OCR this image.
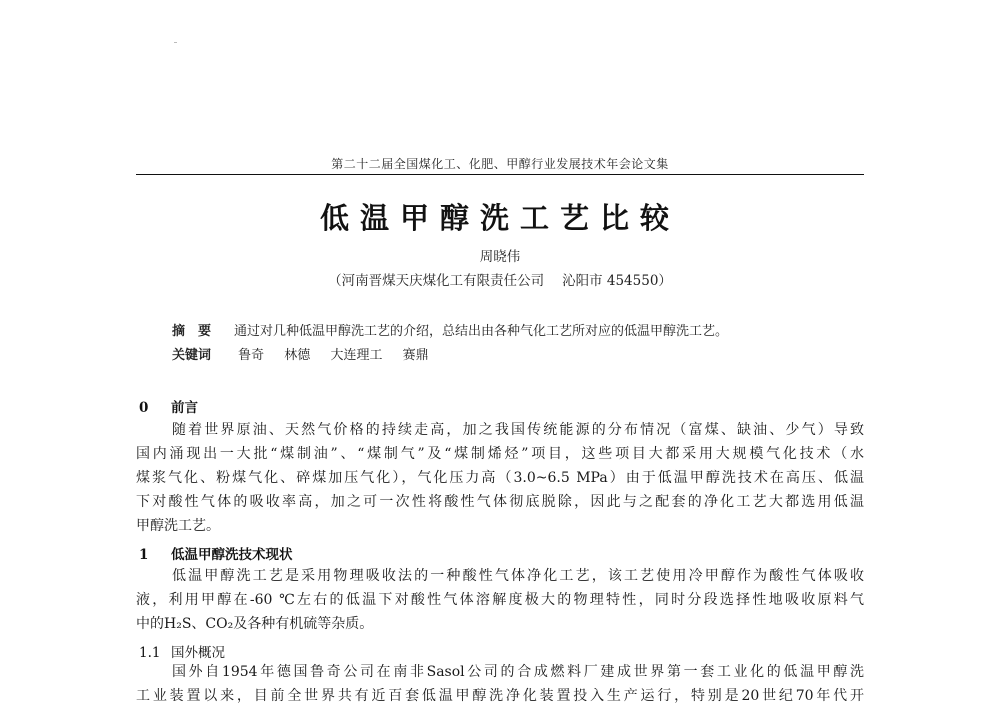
第二十二届全国煤化工、化肥、甲醇行业发展技术年会论文集
低温甲醇洗工艺比较
周晓伟
（河南晋煤天庆煤化工有限责任公司 沁阳市 454550）
摘　要 通过对几种低温甲醇洗工艺的介绍，总结出由各种气化工艺所对应的低温甲醇洗工艺。
关键词 鲁奇 林德 大连理工 赛鼎
0 前言
随着世界原油、天然气价格的持续走高，加之我国传统能源的分布情况（富煤、缺油、少气）导致
国内涌现出一大批“煤制油”、“煤制气”及“煤制烯烃”项目，这些项目大都采用大规模气化技术（水
煤浆气化、粉煤气化、碎煤加压气化），气化压力高（3.0~6.5 MPa）由于低温甲醇洗技术在高压、低温
下对酸性气体的吸收率高，加之可一次性将酸性气体彻底脱除，因此与之配套的净化工艺大都选用低温
甲醇洗工艺。
1 低温甲醇洗技术现状
低温甲醇洗工艺是采用物理吸收法的一种酸性气体净化工艺，该工艺使用冷甲醇作为酸性气体吸收
液，利用甲醇在-60 ℃左右的低温下对酸性气体溶解度极大的物理特性，同时分段选择性地吸收原料气
中的H₂S、CO₂及各种有机硫等杂质。
1.1 国外概况
国外自1954年德国鲁奇公司在南非Sasol公司的合成燃料厂建成世界第一套工业化的低温甲醇洗
工业装置以来，目前全世界共有近百套低温甲醇洗净化装置投入生产运行，特别是20世纪70年代开
